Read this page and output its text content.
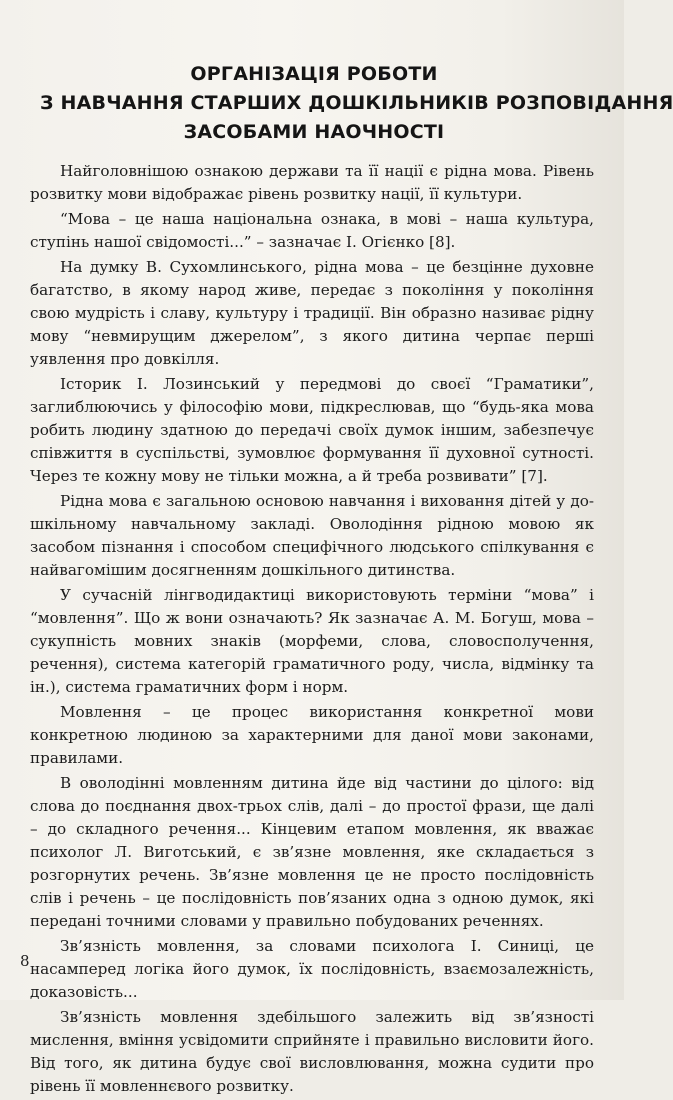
ОРГАНІЗАЦІЯ РОБОТИ
З НАВЧАННЯ СТАРШИХ ДОШКІЛЬНИКІВ РОЗПОВІДАННЯ
ЗАСОБАМИ НАОЧНОСТІ

Найголовнішою ознакою держави та її нації є рідна мова. Рівень розвитку мови відображає рівень розвитку нації, її культури.

“Мова – це наша національна ознака, в мові – наша культура, ступінь нашої свідомості...” – зазначає І. Огієнко [8].

На думку В. Сухомлинського, рідна мова – це безцінне духовне багатство, в якому народ живе, передає з покоління у покоління свою мудрість і славу, культуру і традиції. Він образно називає рідну мову “невмирущим джерелом”, з якого дитина черпає перші уявлення про довкілля.

Історик І. Лозинський у передмові до своєї “Граматики”, заглиблюючись у філософію мови, підкреслював, що “будь-яка мова робить людину здатною до передачі своїх думок іншим, забезпечує співжиття в суспільстві, зумовлює формування її духовної сутності. Через те кожну мову не тільки можна, а й треба розвивати” [7].

Рідна мова є загальною основою навчання і виховання дітей у дошкільному навчальному закладі. Оволодіння рідною мовою як засобом пізнання і способом специфічного людського спілкування є найвагомішим досягненням дошкільного дитинства.

У сучасній лінгводидактиці використовують терміни “мова” і “мовлення”. Що ж вони означають? Як зазначає А. М. Богуш, мова – сукупність мовних знаків (морфеми, слова, словосполучення, речення), система категорій граматичного роду, числа, відмінку та ін.), система граматичних форм і норм.

Мовлення – це процес використання конкретної мови конкретною людиною за характерними для даної мови законами, правилами.

В оволодінні мовленням дитина йде від частини до цілого: від слова до поєднання двох-трьох слів, далі – до простої фрази, ще далі – до складного речення... Кінцевим етапом мовлення, як вважає психолог Л. Виготський, є зв’язне мовлення, яке складається з розгорнутих речень. Зв’язне мовлення це не просто послідовність слів і речень – це послідовність пов’язаних одна з одною думок, які передані точними словами у правильно побудованих реченнях.

Зв’язність мовлення, за словами психолога І. Синиці, це насамперед логіка його думок, їх послідовність, взаємозалежність, доказовість...

Зв’язність мовлення здебільшого залежить від зв’язності мислення, вміння усвідомити сприйняте і правильно висловити його. Від того, як дитина будує свої висловлювання, можна судити про рівень її мовленнєвого розвитку.

8
